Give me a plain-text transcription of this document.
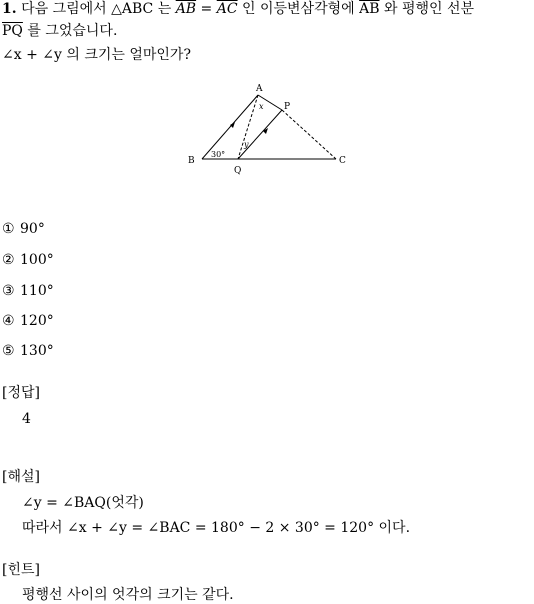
1. 다음 그림에서 △ABC 는 $\overline{AB} = \overline{AC}$ 인 이등변삼각형에 $\overline{AB}$ 와 평행인 선분
$\overline{PQ}$ 를 그었습니다.
∠x + ∠y 의 크기는 얼마인가?
A
P
B	C
Q
x
y
30°
① 90°
② 100°
③ 110°
④ 120°
⑤ 130°
[정답]
4
[해설]
∠y = ∠BAQ(엇각)
따라서 ∠x + ∠y = ∠BAC = 180° − 2 × 30° = 120° 이다.
[힌트]
평행선 사이의 엇각의 크기는 같다.
